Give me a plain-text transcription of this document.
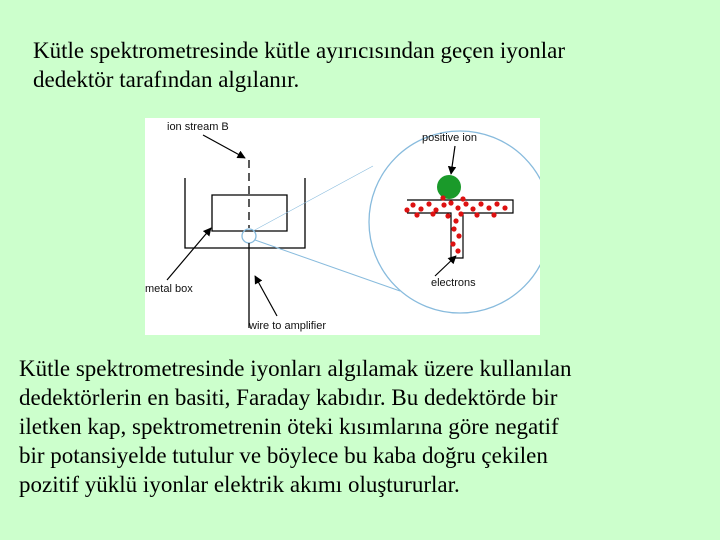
Kütle spektrometresinde kütle ayırıcısından geçen iyonlar
dedektör tarafından algılanır.

ion stream B
positive ion
electrons
metal box
wire to amplifier

Kütle spektrometresinde iyonları algılamak üzere kullanılan
dedektörlerin en basiti, Faraday kabıdır. Bu dedektörde bir
iletken kap, spektrometrenin öteki kısımlarına göre negatif
bir potansiyelde tutulur ve böylece bu kaba doğru çekilen
pozitif yüklü iyonlar elektrik akımı oluştururlar.
